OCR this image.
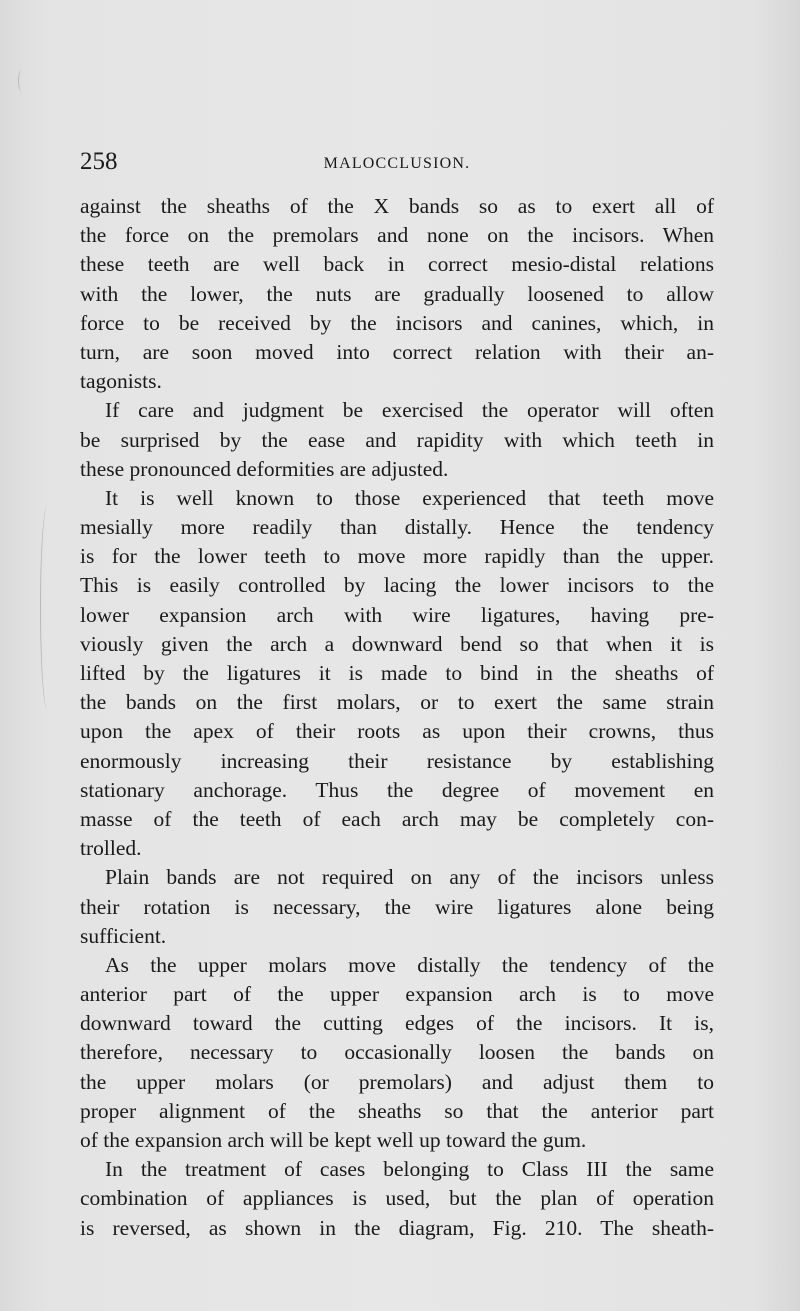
258	MALOCCLUSION.
against the sheaths of the X bands so as to exert all of
the force on the premolars and none on the incisors. When
these teeth are well back in correct mesio-distal relations
with the lower, the nuts are gradually loosened to allow
force to be received by the incisors and canines, which, in
turn, are soon moved into correct relation with their an-
tagonists.
If care and judgment be exercised the operator will often
be surprised by the ease and rapidity with which teeth in
these pronounced deformities are adjusted.
It is well known to those experienced that teeth move
mesially more readily than distally. Hence the tendency
is for the lower teeth to move more rapidly than the upper.
This is easily controlled by lacing the lower incisors to the
lower expansion arch with wire ligatures, having pre-
viously given the arch a downward bend so that when it is
lifted by the ligatures it is made to bind in the sheaths of
the bands on the first molars, or to exert the same strain
upon the apex of their roots as upon their crowns, thus
enormously increasing their resistance by establishing
stationary anchorage. Thus the degree of movement en
masse of the teeth of each arch may be completely con-
trolled.
Plain bands are not required on any of the incisors unless
their rotation is necessary, the wire ligatures alone being
sufficient.
As the upper molars move distally the tendency of the
anterior part of the upper expansion arch is to move
downward toward the cutting edges of the incisors. It is,
therefore, necessary to occasionally loosen the bands on
the upper molars (or premolars) and adjust them to
proper alignment of the sheaths so that the anterior part
of the expansion arch will be kept well up toward the gum.
In the treatment of cases belonging to Class III the same
combination of appliances is used, but the plan of operation
is reversed, as shown in the diagram, Fig. 210. The sheath-
